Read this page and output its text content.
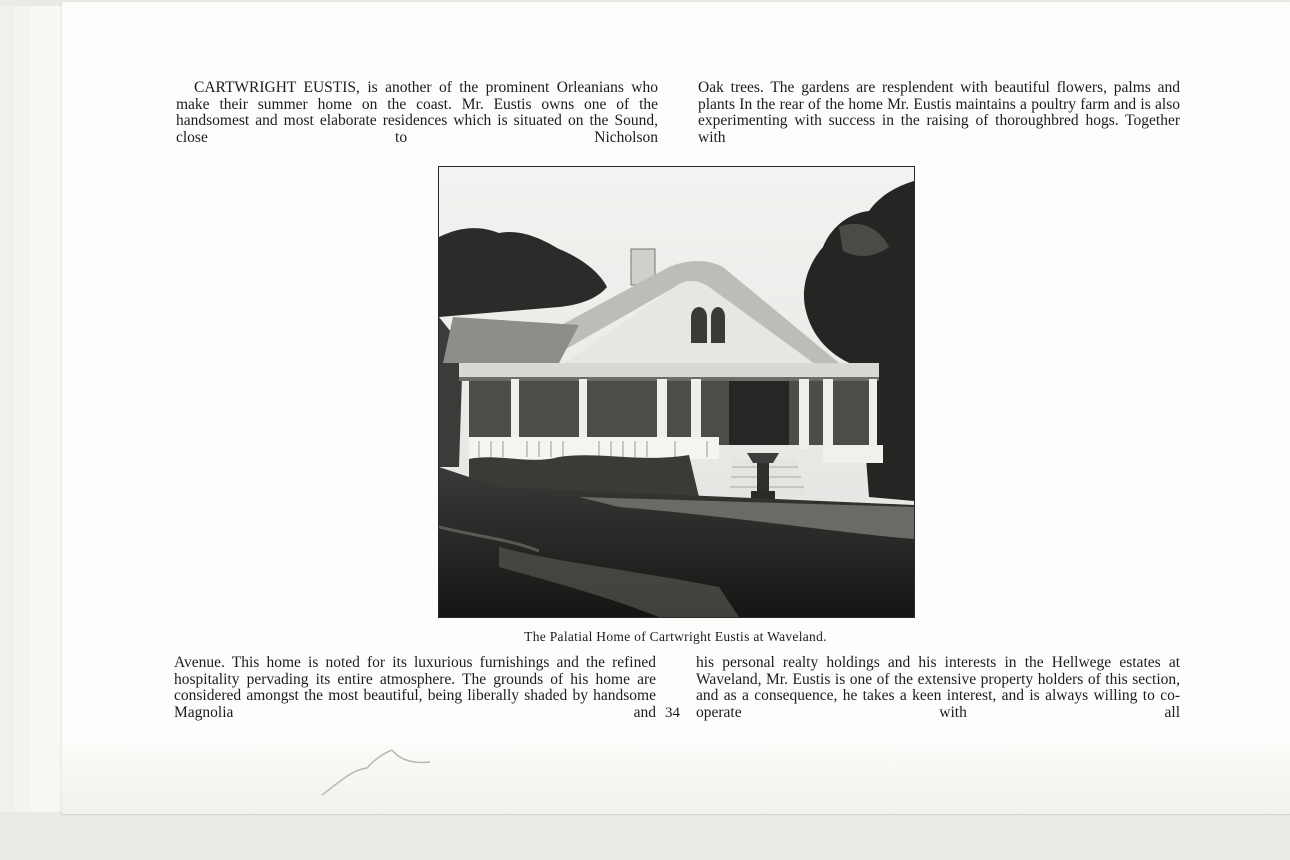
CARTWRIGHT EUSTIS, is another of the prominent Orleanians who make their summer home on the coast. Mr. Eustis owns one of the handsomest and most elaborate residences which is situated on the Sound, close to Nicholson

Oak trees. The gardens are resplendent with beautiful flowers, palms and plants In the rear of the home Mr. Eustis maintains a poultry farm and is also experimenting with success in the raising of thoroughbred hogs. Together with

The Palatial Home of Cartwright Eustis at Waveland.

Avenue. This home is noted for its luxurious furnishings and the refined hospitality pervading its entire atmosphere. The grounds of his home are considered amongst the most beautiful, being liberally shaded by handsome Magnolia and 34

his personal realty holdings and his interests in the Hellwege estates at Waveland, Mr. Eustis is one of the extensive property holders of this section, and as a consequence, he takes a keen interest, and is always willing to co-operate with all
